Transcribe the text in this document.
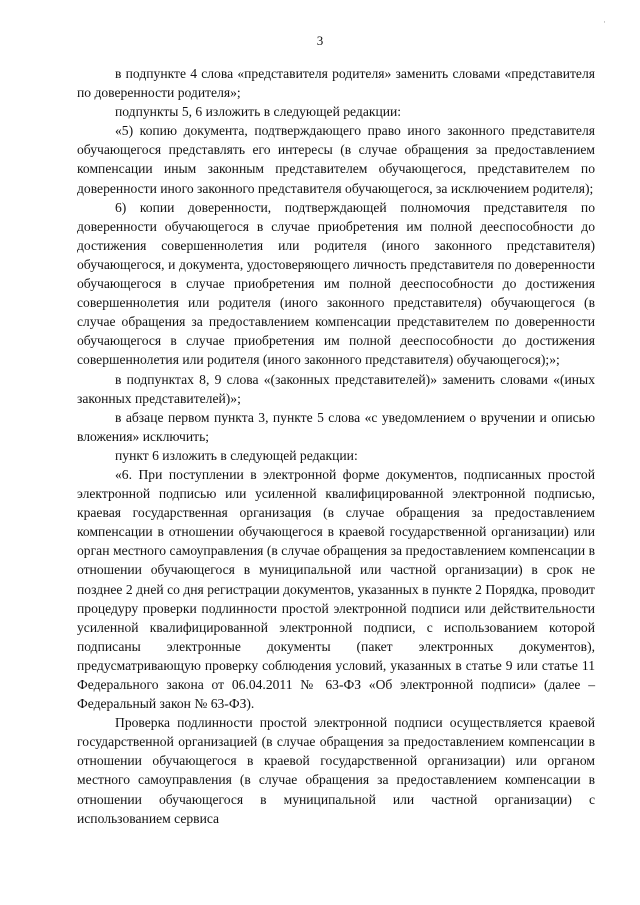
·
3

в подпункте 4 слова «представителя родителя» заменить словами «представителя по доверенности родителя»;

подпункты 5, 6 изложить в следующей редакции:

«5) копию документа, подтверждающего право иного законного представителя обучающегося представлять его интересы (в случае обращения за предоставлением компенсации иным законным представителем обучающегося, представителем по доверенности иного законного представителя обучающегося, за исключением родителя);

6) копии доверенности, подтверждающей полномочия представителя по доверенности обучающегося в случае приобретения им полной дееспособности до достижения совершеннолетия или родителя (иного законного представителя) обучающегося, и документа, удостоверяющего личность представителя по доверенности обучающегося в случае приобретения им полной дееспособности до достижения совершеннолетия или родителя (иного законного представителя) обучающегося (в случае обращения за предоставлением компенсации представителем по доверенности обучающегося в случае приобретения им полной дееспособности до достижения совершеннолетия или родителя (иного законного представителя) обучающегося);»;

в подпунктах 8, 9 слова «(законных представителей)» заменить словами «(иных законных представителей)»;

в абзаце первом пункта 3, пункте 5 слова «с уведомлением о вручении и описью вложения» исключить;

пункт 6 изложить в следующей редакции:

«6. При поступлении в электронной форме документов, подписанных простой электронной подписью или усиленной квалифицированной электронной подписью, краевая государственная организация (в случае обращения за предоставлением компенсации в отношении обучающегося в краевой государственной организации) или орган местного самоуправления (в случае обращения за предоставлением компенсации в отношении обучающегося в муниципальной или частной организации) в срок не позднее 2 дней со дня регистрации документов, указанных в пункте 2 Порядка, проводит процедуру проверки подлинности простой электронной подписи или действительности усиленной квалифицированной электронной подписи, с использованием которой подписаны электронные документы (пакет электронных документов), предусматривающую проверку соблюдения условий, указанных в статье 9 или статье 11 Федерального закона от 06.04.2011 № 63-ФЗ «Об электронной подписи» (далее – Федеральный закон № 63-ФЗ).

Проверка подлинности простой электронной подписи осуществляется краевой государственной организацией (в случае обращения за предоставлением компенсации в отношении обучающегося в краевой государственной организации) или органом местного самоуправления (в случае обращения за предоставлением компенсации в отношении обучающегося в муниципальной или частной организации) с использованием сервиса
